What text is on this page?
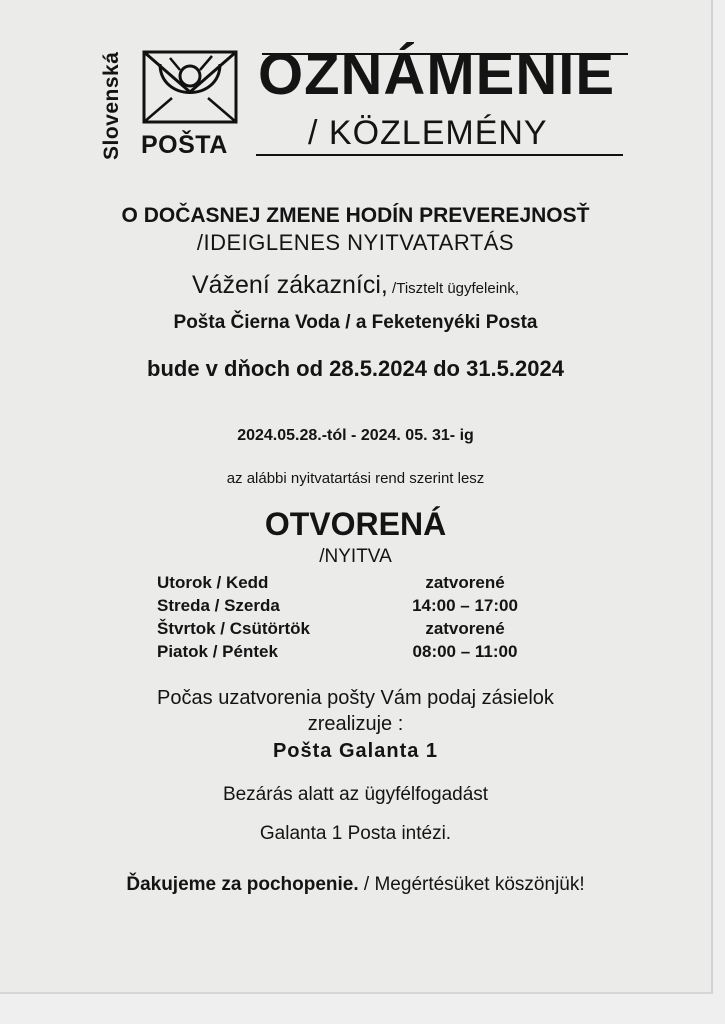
Slovenská POŠTA
OZNÁMENIE
/ KÖZLEMÉNY
O DOČASNEJ ZMENE HODÍN PREVEREJNOSŤ
/IDEIGLENES NYITVATARTÁS
Vážení zákazníci, /Tisztelt ügyfeleink,
Pošta Čierna Voda / a Feketenyéki Posta
bude v dňoch od 28.5.2024 do 31.5.2024
2024.05.28.-tól - 2024. 05. 31- ig
az alábbi nyitvatartási rend szerint lesz
OTVORENÁ
/NYITVA
Utorok / Kedd	zatvorené
Streda / Szerda	14:00 – 17:00
Štvrtok / Csütörtök	zatvorené
Piatok / Péntek	08:00 – 11:00
Počas uzatvorenia pošty Vám podaj zásielok
zrealizuje :
Pošta Galanta 1
Bezárás alatt az ügyfélfogadást
Galanta 1 Posta intézi.
Ďakujeme za pochopenie. / Megértésüket köszönjük!
